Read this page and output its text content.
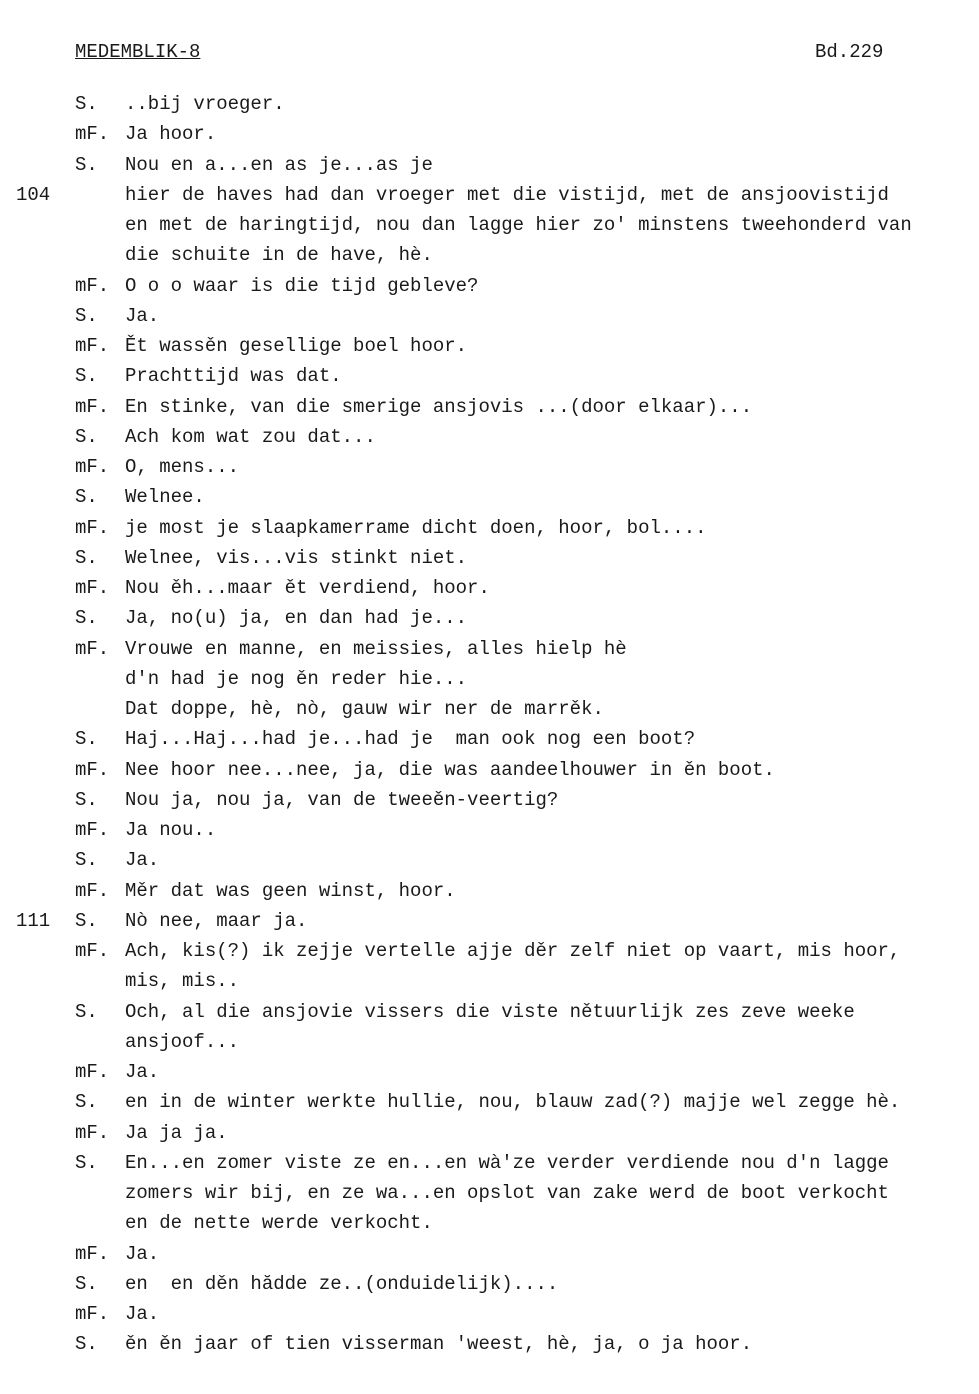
MEDEMBLIK-8	Bd.229
S. ..bij vroeger.
mF. Ja hoor.
S. Nou en a...en as je...as je
104	hier de haves had dan vroeger met die vistijd, met de ansjoovistijd
en met de haringtijd, nou dan lagge hier zo' minstens tweehonderd van
die schuite in de have, hè.
mF. O o o waar is die tijd gebleve?
S. Ja.
mF. Ět wassěn gesellige boel hoor.
S. Prachttijd was dat.
mF. En stinke, van die smerige ansjovis ...(door elkaar)...
S. Ach kom wat zou dat...
mF. O, mens...
S. Welnee.
mF. je most je slaapkamerrame dicht doen, hoor, bol....
S. Welnee, vis...vis stinkt niet.
mF. Nou ěh...maar ět verdiend, hoor.
S. Ja, no(u) ja, en dan had je...
mF. Vrouwe en manne, en meissies, alles hielp hè
d'n had je nog ěn reder hie...
Dat doppe, hè, nò, gauw wir ner de marrěk.
S. Haj...Haj...had je...had je  man ook nog een boot?
mF. Nee hoor nee...nee, ja, die was aandeelhouwer in ěn boot.
S. Nou ja, nou ja, van de tweeěn-veertig?
mF. Ja nou..
S. Ja.
mF. Měr dat was geen winst, hoor.
111 S. Nò nee, maar ja.
mF. Ach, kis(?) ik zejje vertelle ajje děr zelf niet op vaart, mis hoor,
mis, mis..
S. Och, al die ansjovie vissers die viste nětuurlijk zes zeve weeke
ansjoof...
mF. Ja.
S. en in de winter werkte hullie, nou, blauw zad(?) majje wel zegge hè.
mF. Ja ja ja.
S. En...en zomer viste ze en...en wà'ze verder verdiende nou d'n lagge
zomers wir bij, en ze wa...en opslot van zake werd de boot verkocht
en de nette werde verkocht.
mF. Ja.
S. en  en děn hădde ze..(onduidelijk)....
mF. Ja.
S. ěn ěn jaar of tien visserman 'weest, hè, ja, o ja hoor.
